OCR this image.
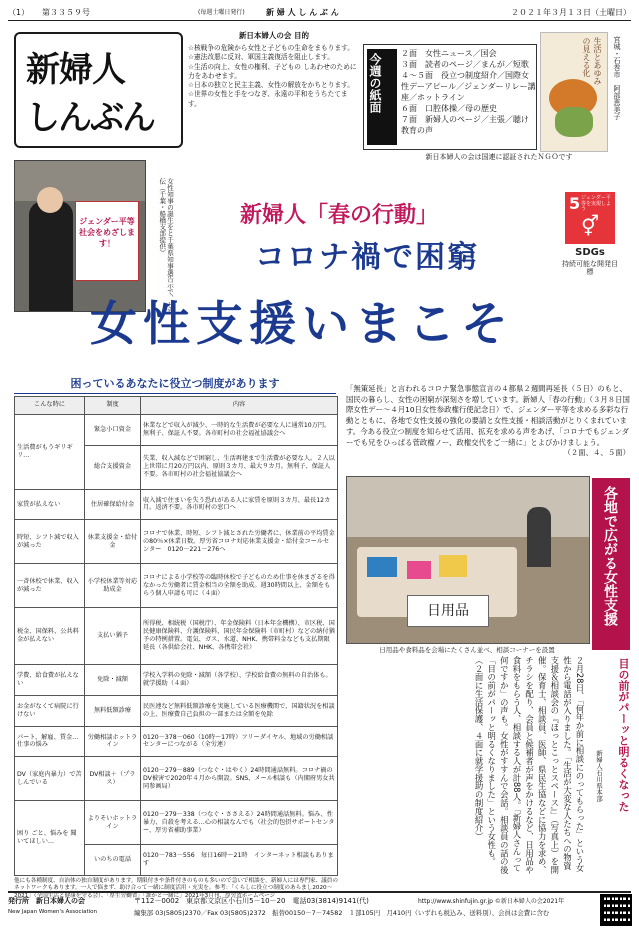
（1） 第３３５９号	(毎週土曜日発行)	新 婦 人 し ん ぶ ん	２０２１年３月１３日（土曜日）
新婦人
しんぶん
新日本婦人の会 目的
☆核戦争の危険から女性と子どもの生命をまもります。
☆憲法改悪に反対、軍国主義復活を阻止します。
☆生活の向上、女性の権利、子どもの しあわせのために力をあわせます。
☆日本の独立と民主主義、女性の解放をかちとります。
☆世界の女性と手をつなぎ、永遠の平和をうちたてます。	今週の紙面 ２面　女性ニュース／国会
３面　読者のページ／まんが／短歌
４〜５面　役立つ制度紹介／国際女性デーアピール／ジェンダーリレー講座／ホットライン
６面　口腔体操／母の歴史
７面　新婦人のページ／主張／聴け教育の声
生活とあゆみの見える化	宮城・石巻市　阿部恵美子
新日本婦人の会は国連に認証されたＮＧＯです
ジェンダー平等社会をめざします！	女性知事の誕生をと千葉県知事選告示で、と宣伝（千葉・船橋支部提供）	新婦人「春の行動」
コロナ禍で困窮
女性支援いまこそ
5 ジェンダー平等を実現しよう
⚥
SDGs
持続可能な開発目標
困っているあなたに役立つ制度があります
こんな時に	制度	内容
生活費がもうギリギリ…	緊急小口資金	休業などで収入が減少、一時的な生活費が必要な人に通常10万円。無利子、保証人不要。各市町村の社会福祉協議会へ
	総合支援資金	失業、収入減などで困窮し、生活再建まで生活費が必要な人。２人以上世帯に月20万円以内、原則３カ月、最大９カ月。無利子、保証人不要。各市町村の社会福祉協議会へ
家賃が払えない	住居確保給付金	収入減で住まいを失う恐れがある人に家賃を原則３カ月、最長12カ月。返済不要。各市町村の窓口へ
時短、シフト減で収入が減った	休業支援金・給付金	コロナで休業、時短、シフト減とされた労働者に、休業前の平均賃金の80％×休業日数。厚労省コロナ対応休業支援金・給付金コールセンター　0120－221－276へ
一斉休校で休業、収入が減った	小学校休業等対応助成金	コロナによる小学校等の臨時休校で子どものため仕事を休まざるを得なかった労働者に賃金相当の全額を助成。週30時間以上、金額をもらう個人申請も可に（４面）
税金、国保料、公共料金が払えない	支払い猶予	所得税、相続税（国税庁）、年金保険料（日本年金機構）、市区税、国民健康保険料、介護保険料、国民年金保険料（市町村）などの納付猶予の特例措置。電気、ガス、水道、NHK、携帯料金なども支払期限延長（各供給会社、NHK、各携帯会社）
学費、給食費が払えない	免除・減額	学校入学料の免除・減額（各学校）、学校給食費の無料の自治体も。就学援助（４面）
お金がなくて病院に行けない	無料低額診療	民医連など無料低額診療を実施している医療機関で、国籍状況を相談の上、医療費自己負担の一部または全額を免除
パート、解雇、賃金…仕事の悩み	労働相談ホットライン	0120－378－060（10時～17時）フリーダイヤル、地域の労働相談センターにつながる（全労連）
DV（家庭内暴力）で苦しんでいる	DV相談＋（プラス）	0120－279－889（つなぐ・はやく）24時間通話無料。コロナ禍のDV被害で2020年４月から開設。SNS、メール相談も（内閣府男女共同参画局）
困り ごと、悩みを 聞いてほしい…	よりそいホットライン	0120－279－338（つなぐ・ささえる）24時間通話無料。悩み、性暴力、自殺を考える…心の相談なんでも（社会的包摂サポートセンター、厚労省補助事業）
	いのちの電話	0120－783－556　毎日16時～21時　インターネット相談もあります
他にも各種制度、自治体の独自制度があります。期限付きや条件付きのものも多いので急いで相談を。新婦人には専門家、議員のネットワークもあります。一人で悩まず、助け合って一緒に制度活用・充実を。参考：「くらしに役立つ制度のあらまし2020～2021」（全国生活と健康を守る会）、「厚生労働省」「誰かと一緒に」2021年3月刊、厚労省ホームページ
「無策延長」と言われるコロナ緊急事態宣言の４都県２週間再延長（５日）のもと、国民の暮らし、女性の困窮が深刻さを増しています。新婦人「春の行動」（３月８日国際女性デー〜４月10日女性参政権行使記念日）で、ジェンダー平等を求める多彩な行動とともに、各地で女性支援の強化の要請と女性支援・相談活動がとりくまれています。今ある役立つ制度を知らせて活用、拡充を求める声をあげ、「コロナでもジェンダーでも兄をひっぱる菅政権ノー、政権交代をご一緒に」とよびかけましょう。
（２面、４、５面）
日用品
日用品や食料品を会場にたくさん並べ、相談コーナーを設置
各地で広がる女性支援
２月28日、「何年か前に相談にのってもらった」という女性から電話が入りました。「生活が大変な人たちへの物資支援＆相談会の『ほっとこっとスペース』」（写真上）を開催。保育士、相談員、医師、県民生協などに協力を求め、チラシを配り、会員と候補者が声をかけるなど、日用品や食料をもらう人、相談する人が計88人。「新婦人さんって何ですか」の声も。女性がすすんで会話。相談員の話の後「目の前がパーッと明るくなりました」という女性も。（２面に生活保護、４面に就学援助の制度紹介）	目の前がパーッと明るくなった
新婦人石川県本部
発行所　新日本婦人の会
New Japan Women's Association
〒112－0002　東京都文京区小石川5－10－20　電話03(3814)9141(代)
編集部 03(5805)2370／Fax 03(5805)2372　振替00150－7－74582　１部105円　月410円（いずれも税込み、送料別）、会員は会費に含む
http://www.shinfujin.gr.jp ©新日本婦人の会2021年
